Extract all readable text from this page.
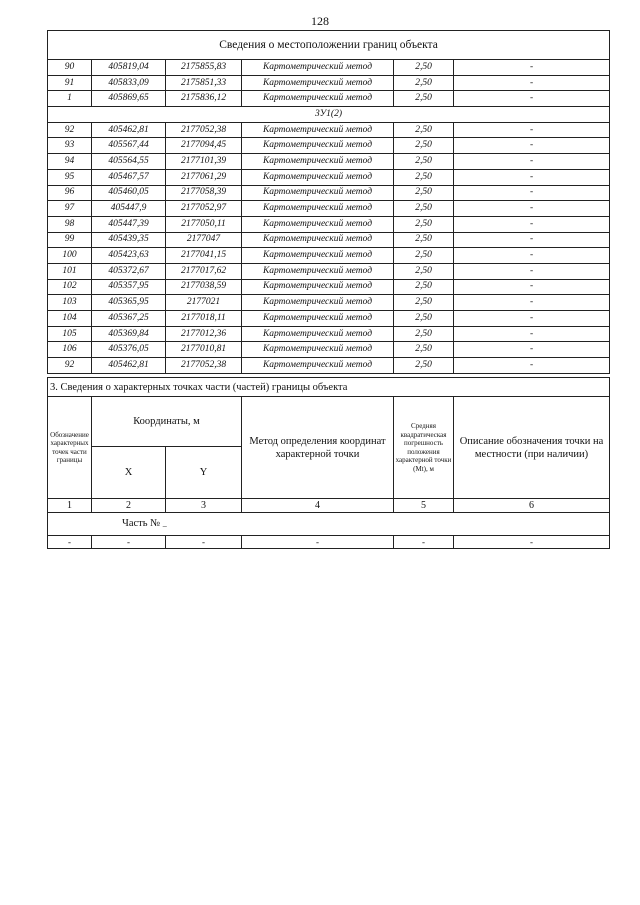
128
Сведения о местоположении границ объекта					
90	405819,04	2175855,83	Картометрический метод	2,50	-
91	405833,09	2175851,33	Картометрический метод	2,50	-
1	405869,65	2175836,12	Картометрический метод	2,50	-
3У1(2)					
92	405462,81	2177052,38	Картометрический метод	2,50	-
93	405567,44	2177094,45	Картометрический метод	2,50	-
94	405564,55	2177101,39	Картометрический метод	2,50	-
95	405467,57	2177061,29	Картометрический метод	2,50	-
96	405460,05	2177058,39	Картометрический метод	2,50	-
97	405447,9	2177052,97	Картометрический метод	2,50	-
98	405447,39	2177050,11	Картометрический метод	2,50	-
99	405439,35	2177047	Картометрический метод	2,50	-
100	405423,63	2177041,15	Картометрический метод	2,50	-
101	405372,67	2177017,62	Картометрический метод	2,50	-
102	405357,95	2177038,59	Картометрический метод	2,50	-
103	405365,95	2177021	Картометрический метод	2,50	-
104	405367,25	2177018,11	Картометрический метод	2,50	-
105	405369,84	2177012,36	Картометрический метод	2,50	-
106	405376,05	2177010,81	Картометрический метод	2,50	-
92	405462,81	2177052,38	Картометрический метод	2,50	-
3. Сведения о характерных точках части (частей) границы объекта					
Обозначение характерных точек части границы	Координаты, м		Метод определения координат характерной точки	Средняя квадратическая погрешность положения характерной точки (Мt), м	Описание обозначения точки на местности (при наличии)
	X	Y			
1	2	3	4	5	6
Часть № –					
-	-	-	-	-	-
